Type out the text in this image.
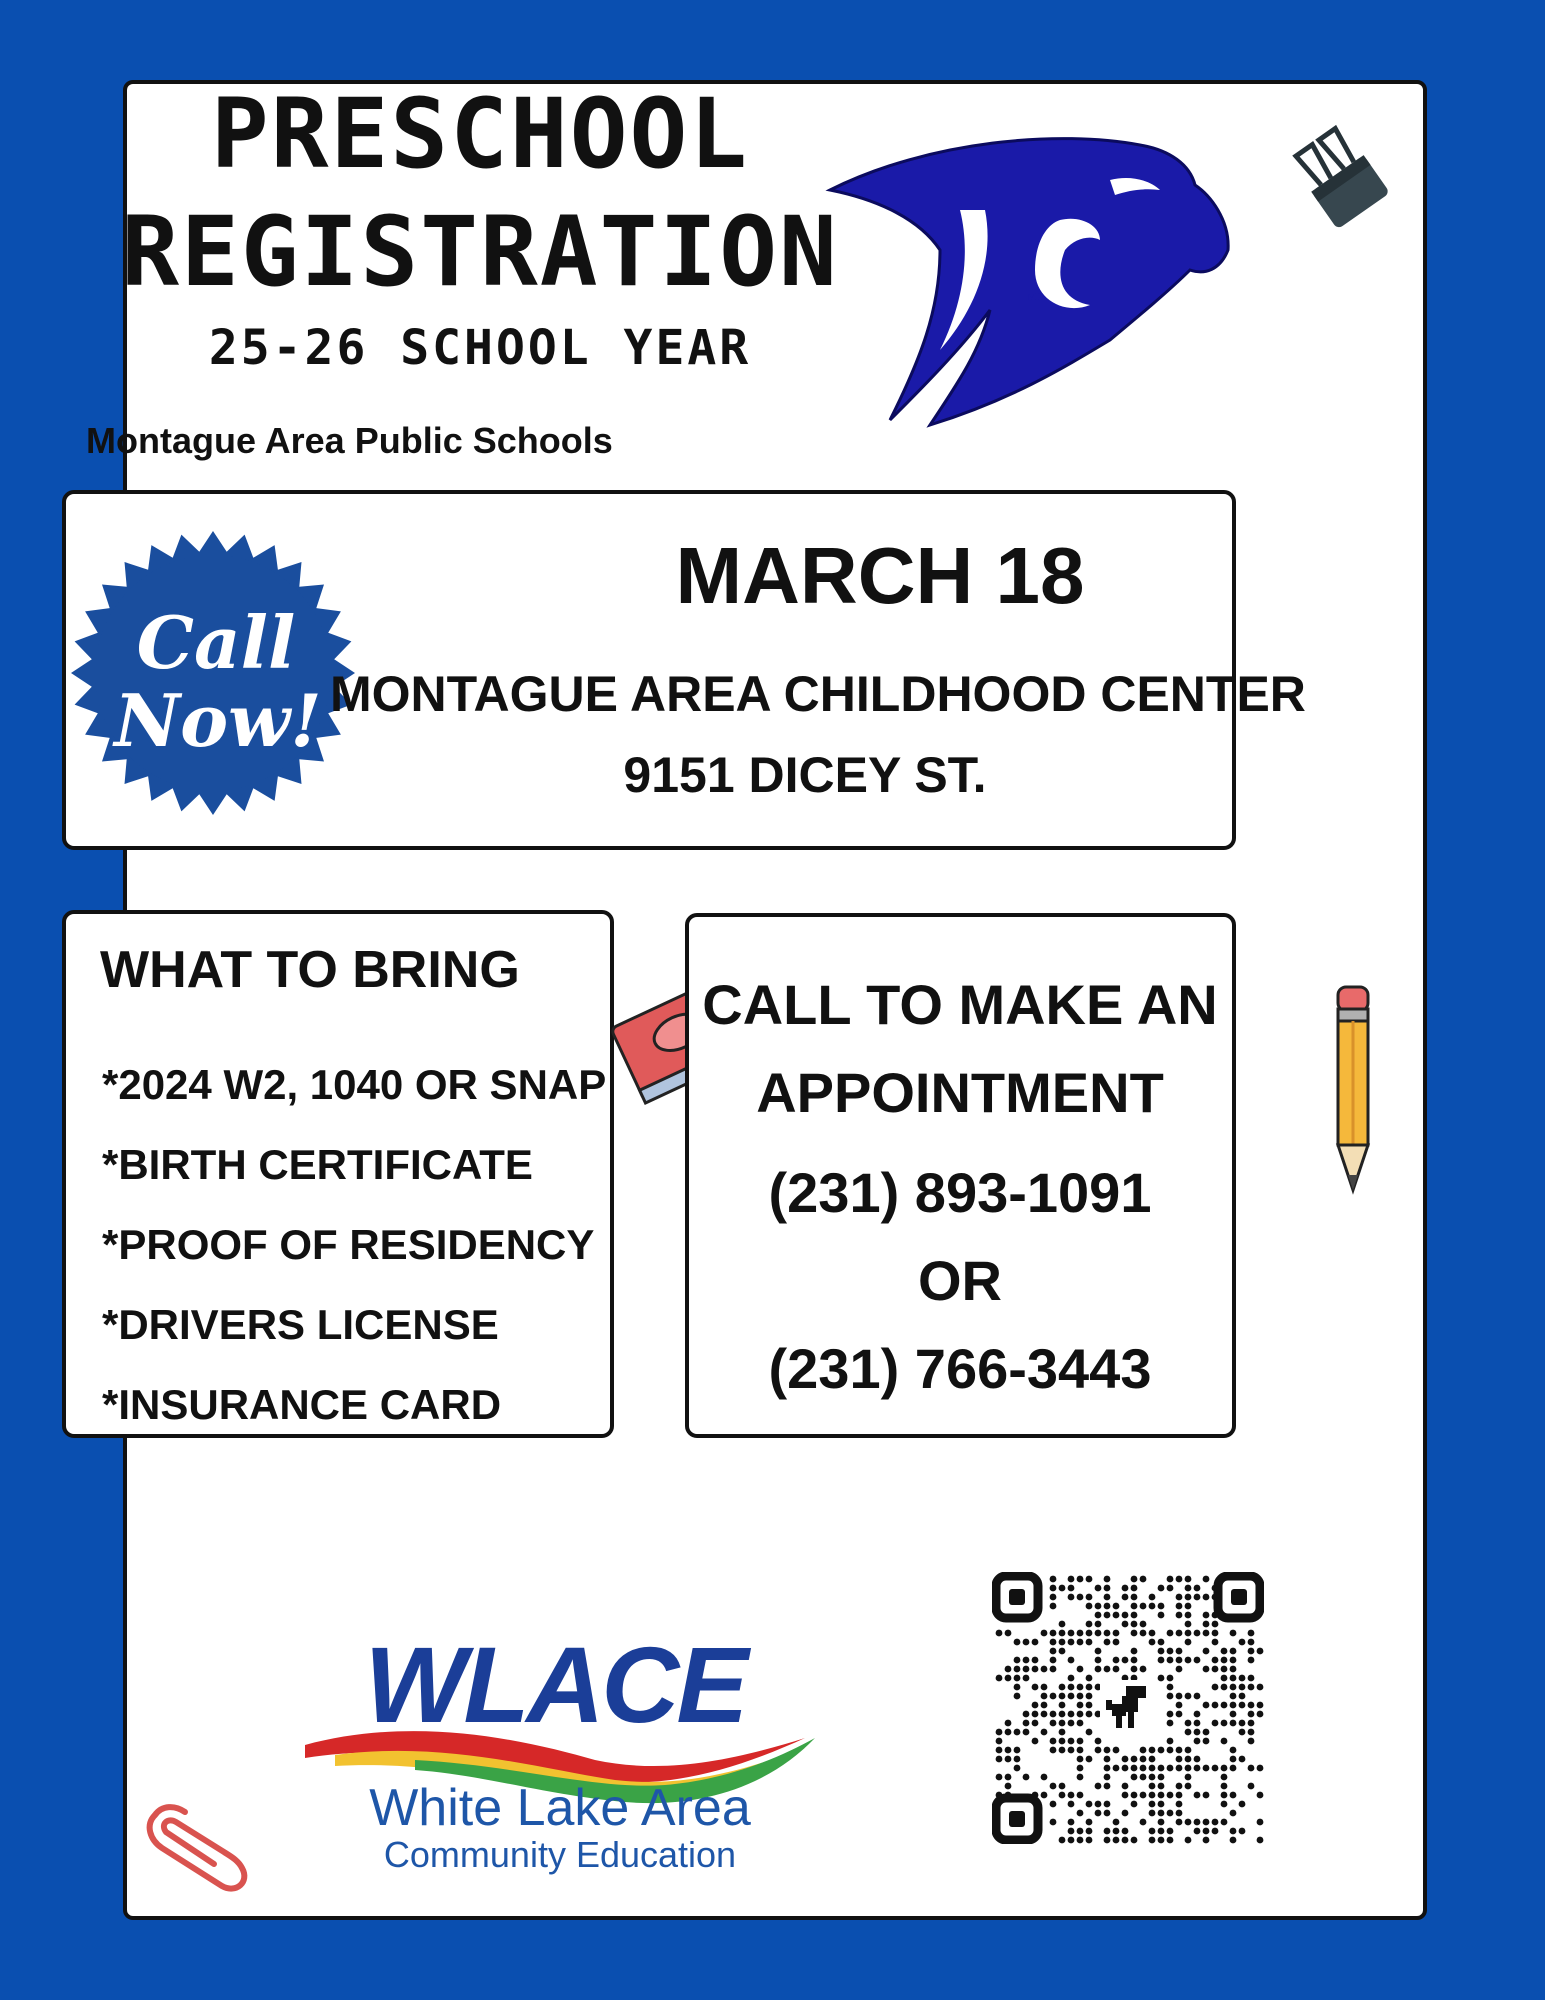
PRESCHOOL
REGISTRATION
25-26 SCHOOL YEAR

Montague Area Public Schools

MC
Call
Now!

MARCH 18

MONTAGUE AREA CHILDHOOD CENTER

9151 DICEY ST.

WHAT TO BRING

*2024 W2, 1040 OR SNAP
*BIRTH CERTIFICATE
*PROOF OF RESIDENCY
*DRIVERS LICENSE
*INSURANCE CARD

CALL TO MAKE AN

APPOINTMENT

(231) 893-1091

OR

(231) 766-3443

WLACE

White Lake Area

Community Education
